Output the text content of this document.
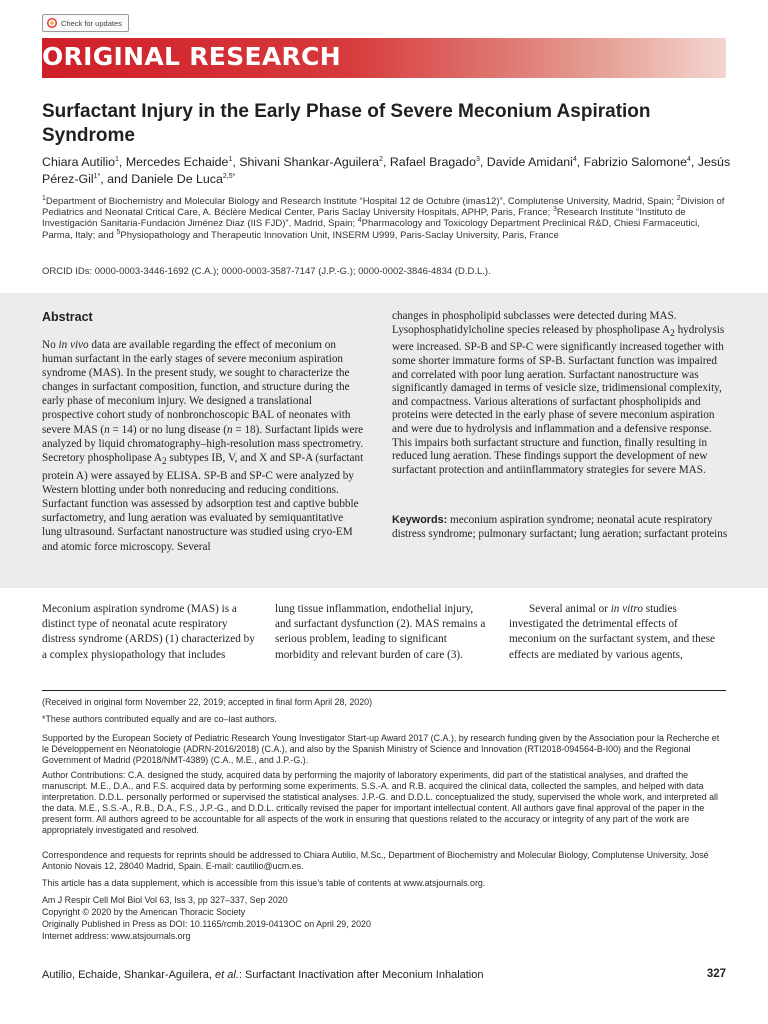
Check for updates
ORIGINAL RESEARCH
Surfactant Injury in the Early Phase of Severe Meconium Aspiration Syndrome
Chiara Autilio$^1$, Mercedes Echaide$^1$, Shivani Shankar-Aguilera$^2$, Rafael Bragado$^3$, Davide Amidani$^4$, Fabrizio Salomone$^4$, Jesús Pérez-Gil$^{1*}$, and Daniele De Luca$^{2,5*}$
$^1$Department of Biochemistry and Molecular Biology and Research Institute “Hospital 12 de Octubre (imas12)”, Complutense University, Madrid, Spain; $^2$Division of Pediatrics and Neonatal Critical Care, A. Béclère Medical Center, Paris Saclay University Hospitals, APHP, Paris, France; $^3$Research Institute “Instituto de Investigación Sanitaria-Fundación Jiménez Diaz (IIS FJD)”, Madrid, Spain; $^4$Pharmacology and Toxicology Department Preclinical R&D, Chiesi Farmaceutici, Parma, Italy; and $^5$Physiopathology and Therapeutic Innovation Unit, INSERM U999, Paris-Saclay University, Paris, France
ORCID IDs: 0000-0003-3446-1692 (C.A.); 0000-0003-3587-7147 (J.P.-G.); 0000-0002-3846-4834 (D.D.L.).
Abstract
No in vivo data are available regarding the effect of meconium on human surfactant in the early stages of severe meconium aspiration syndrome (MAS). In the present study, we sought to characterize the changes in surfactant composition, function, and structure during the early phase of meconium injury. We designed a translational prospective cohort study of nonbronchoscopic BAL of neonates with severe MAS (n = 14) or no lung disease (n = 18). Surfactant lipids were analyzed by liquid chromatography–high-resolution mass spectrometry. Secretory phospholipase $A_2$ subtypes IB, V, and X and SP-A (surfactant protein A) were assayed by ELISA. SP-B and SP-C were analyzed by Western blotting under both nonreducing and reducing conditions. Surfactant function was assessed by adsorption test and captive bubble surfactometry, and lung aeration was evaluated by semiquantitative lung ultrasound. Surfactant nanostructure was studied using cryo-EM and atomic force microscopy. Several
changes in phospholipid subclasses were detected during MAS. Lysophosphatidylcholine species released by phospholipase $A_2$ hydrolysis were increased. SP-B and SP-C were significantly increased together with some shorter immature forms of SP-B. Surfactant function was impaired and correlated with poor lung aeration. Surfactant nanostructure was significantly damaged in terms of vesicle size, tridimensional complexity, and compactness. Various alterations of surfactant phospholipids and proteins were detected in the early phase of severe meconium aspiration and were due to hydrolysis and inflammation and a defensive response. This impairs both surfactant structure and function, finally resulting in reduced lung aeration. These findings support the development of new surfactant protection and antiinflammatory strategies for severe MAS.
Keywords: meconium aspiration syndrome; neonatal acute respiratory distress syndrome; pulmonary surfactant; lung aeration; surfactant proteins
Meconium aspiration syndrome (MAS) is a distinct type of neonatal acute respiratory distress syndrome (ARDS) (1) characterized by a complex physiopathology that includes
lung tissue inflammation, endothelial injury, and surfactant dysfunction (2). MAS remains a serious problem, leading to significant morbidity and relevant burden of care (3).
Several animal or in vitro studies investigated the detrimental effects of meconium on the surfactant system, and these effects are mediated by various agents,
(Received in original form November 22, 2019; accepted in final form April 28, 2020)
*These authors contributed equally and are co–last authors.
Supported by the European Society of Pediatric Research Young Investigator Start-up Award 2017 (C.A.), by research funding given by the Association pour la Recherche et le Développement en Néonatologie (ADRN-2016/2018) (C.A.), and also by the Spanish Ministry of Science and Innovation (RTI2018-094564-B-I00) and the Regional Government of Madrid (P2018/NMT-4389) (C.A., M.E., and J.P.-G.).
Author Contributions: C.A. designed the study, acquired data by performing the majority of laboratory experiments, did part of the statistical analyses, and drafted the manuscript. M.E., D.A., and F.S. acquired data by performing some experiments. S.S.-A. and R.B. acquired the clinical data, collected the samples, and helped with data interpretation. D.D.L. personally performed or supervised the statistical analyses. J.P.-G. and D.D.L. conceptualized the study, supervised the whole work, and interpreted all the data. M.E., S.S.-A., R.B., D.A., F.S., J.P.-G., and D.D.L. critically revised the paper for important intellectual content. All authors gave final approval of the paper in the present form. All authors agreed to be accountable for all aspects of the work in ensuring that questions related to the accuracy or integrity of any part of the work are appropriately investigated and resolved.
Correspondence and requests for reprints should be addressed to Chiara Autilio, M.Sc., Department of Biochemistry and Molecular Biology, Complutense University, José Antonio Novais 12, 28040 Madrid, Spain. E-mail: cautilio@ucm.es.
This article has a data supplement, which is accessible from this issue’s table of contents at www.atsjournals.org.
Am J Respir Cell Mol Biol Vol 63, Iss 3, pp 327–337, Sep 2020
Copyright © 2020 by the American Thoracic Society
Originally Published in Press as DOI: 10.1165/rcmb.2019-0413OC on April 29, 2020
Internet address: www.atsjournals.org
Autilio, Echaide, Shankar-Aguilera, et al.: Surfactant Inactivation after Meconium Inhalation	327
